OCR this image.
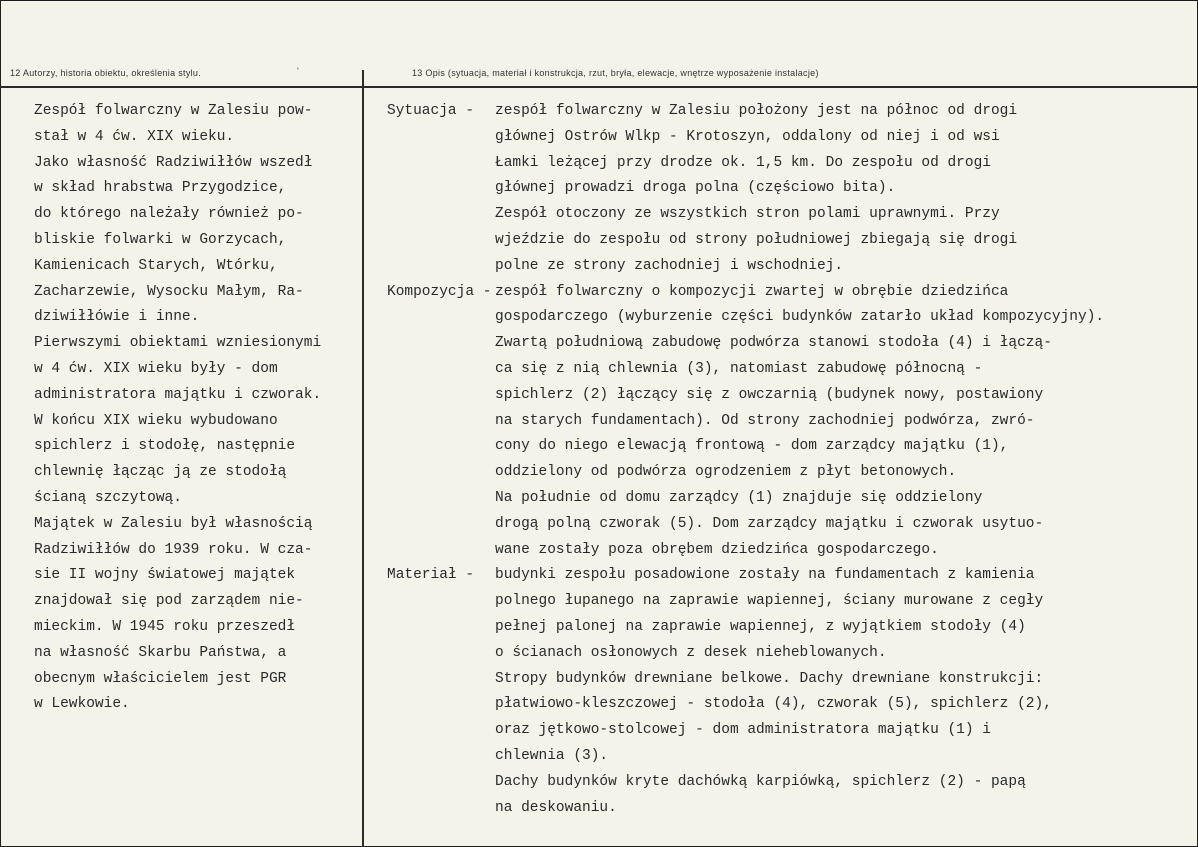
12 Autorzy, historia obiektu, określenia stylu.	'	13 Opis (sytuacja, materiał i konstrukcja, rzut, bryła, elewacje, wnętrze wyposażenie instalacje)
Zespół folwarczny w Zalesiu pow-
stał w 4 ćw. XIX wieku.
Jako własność Radziwiłłów wszedł
w skład hrabstwa Przygodzice,
do którego należały również po-
bliskie folwarki w Gorzycach,
Kamienicach Starych, Wtórku,
Zacharzewie, Wysocku Małym, Ra-
dziwiłłówie i inne.
Pierwszymi obiektami wzniesionymi
w 4 ćw. XIX wieku były - dom
administratora majątku i czworak.
W końcu XIX wieku wybudowano
spichlerz i stodołę, następnie
chlewnię łącząc ją ze stodołą
ścianą szczytową.
Majątek w Zalesiu był własnością
Radziwiłłów do 1939 roku. W cza-
sie II wojny światowej majątek
znajdował się pod zarządem nie-
mieckim. W 1945 roku przeszedł
na własność Skarbu Państwa, a
obecnym właścicielem jest PGR
w Lewkowie.
Sytuacja -	zespół folwarczny w Zalesiu położony jest na północ od drogi
głównej Ostrów Wlkp - Krotoszyn, oddalony od niej i od wsi
Łamki leżącej przy drodze ok. 1,5 km. Do zespołu od drogi
głównej prowadzi droga polna (częściowo bita).
Zespół otoczony ze wszystkich stron polami uprawnymi. Przy
wjeździe do zespołu od strony południowej zbiegają się drogi
polne ze strony zachodniej i wschodniej.
Kompozycja - zespół folwarczny o kompozycji zwartej w obrębie dziedzińca
gospodarczego (wyburzenie części budynków zatarło układ kompozycyjny).
Zwartą południową zabudowę podwórza stanowi stodoła (4) i łączą-
ca się z nią chlewnia (3), natomiast zabudowę północną -
spichlerz (2) łączący się z owczarnią (budynek nowy, postawiony
na starych fundamentach). Od strony zachodniej podwórza, zwró-
cony do niego elewacją frontową - dom zarządcy majątku (1),
oddzielony od podwórza ogrodzeniem z płyt betonowych.
Na południe od domu zarządcy (1) znajduje się oddzielony
drogą polną czworak (5). Dom zarządcy majątku i czworak usytuo-
wane zostały poza obrębem dziedzińca gospodarczego.
Materiał -	budynki zespołu posadowione zostały na fundamentach z kamienia
polnego łupanego na zaprawie wapiennej, ściany murowane z cegły
pełnej palonej na zaprawie wapiennej, z wyjątkiem stodoły (4)
o ścianach osłonowych z desek nieheblowanych.
Stropy budynków drewniane belkowe. Dachy drewniane konstrukcji:
płatwiowo-kleszczowej - stodoła (4), czworak (5), spichlerz (2),
oraz jętkowo-stolcowej - dom administratora majątku (1) i
chlewnia (3).
Dachy budynków kryte dachówką karpiówką, spichlerz (2) - papą
na deskowaniu.
